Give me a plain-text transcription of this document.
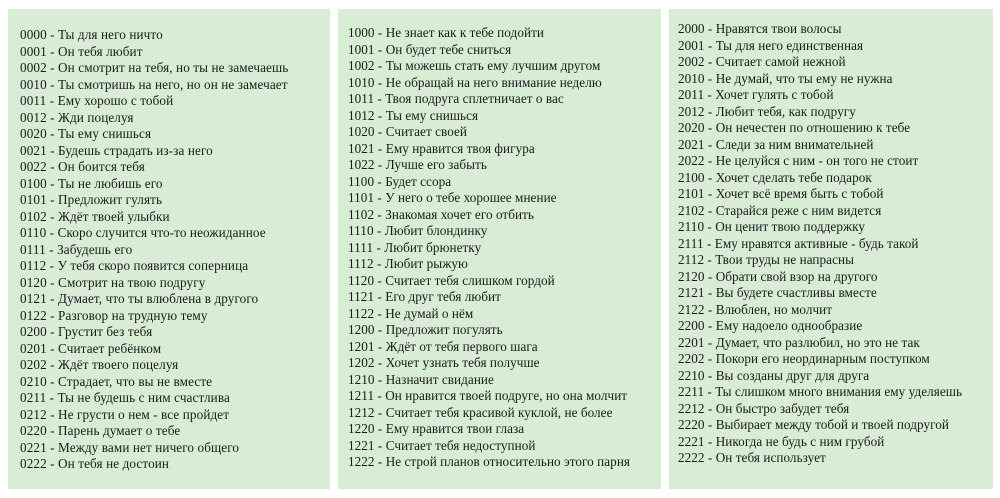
0000 - Ты для него ничто
0001 - Он тебя любит
0002 - Он смотрит на тебя, но ты не замечаешь
0010 - Ты смотришь на него, но он не замечает
0011 - Ему хорошо с тобой
0012 - Жди поцелуя
0020 - Ты ему снишься
0021 - Будешь страдать из-за него
0022 - Он боится тебя
0100 - Ты не любишь его
0101 - Предложит гулять
0102 - Ждёт твоей улыбки
0110 - Скоро случится что-то неожиданное
0111 - Забудешь его
0112 - У тебя скоро появится соперница
0120 - Смотрит на твою подругу
0121 - Думает, что ты влюблена в другого
0122 - Разговор на трудную тему
0200 - Грустит без тебя
0201 - Считает ребёнком
0202 - Ждёт твоего поцелуя
0210 - Страдает, что вы не вместе
0211 - Ты не будешь с ним счастлива
0212 - Не грусти о нем - все пройдет
0220 - Парень думает о тебе
0221 - Между вами нет ничего общего
0222 - Он тебя не достоин
1000 - Не знает как к тебе подойти
1001 - Он будет тебе сниться
1002 - Ты можешь стать ему лучшим другом
1010 - Не обращай на него внимание неделю
1011 - Твоя подруга сплетничает о вас
1012 - Ты ему снишься
1020 - Считает своей
1021 - Ему нравится твоя фигура
1022 - Лучше его забыть
1100 - Будет ссора
1101 - У него о тебе хорошее мнение
1102 - Знакомая хочет его отбить
1110 - Любит блондинку
1111 - Любит брюнетку
1112 - Любит рыжую
1120 - Считает тебя слишком гордой
1121 - Его друг тебя любит
1122 - Не думай о нём
1200 - Предложит погулять
1201 - Ждёт от тебя первого шага
1202 - Хочет узнать тебя получше
1210 - Назначит свидание
1211 - Он нравится твоей подруге, но она молчит
1212 - Считает тебя красивой куклой, не более
1220 - Ему нравится твои глаза
1221 - Считает тебя недоступной
1222 - Не строй планов относительно этого парня
2000 - Нравятся твои волосы
2001 - Ты для него единственная
2002 - Считает самой нежной
2010 - Не думай, что ты ему не нужна
2011 - Хочет гулять с тобой
2012 - Любит тебя, как подругу
2020 - Он нечестен по отношению к тебе
2021 - Следи за ним внимательней
2022 - Не целуйся с ним - он того не стоит
2100 - Хочет сделать тебе подарок
2101 - Хочет всё время быть с тобой
2102 - Старайся реже с ним видется
2110 - Он ценит твою поддержку
2111 - Ему нравятся активные - будь такой
2112 - Твои труды не напрасны
2120 - Обрати свой взор на другого
2121 - Вы будете счастливы вместе
2122 - Влюблен, но молчит
2200 - Ему надоело однообразие
2201 - Думает, что разлюбил, но это не так
2202 - Покори его неординарным поступком
2210 - Вы созданы друг для друга
2211 - Ты слишком много внимания ему уделяешь
2212 - Он быстро забудет тебя
2220 - Выбирает между тобой и твоей подругой
2221 - Никогда не будь с ним грубой
2222 - Он тебя использует
